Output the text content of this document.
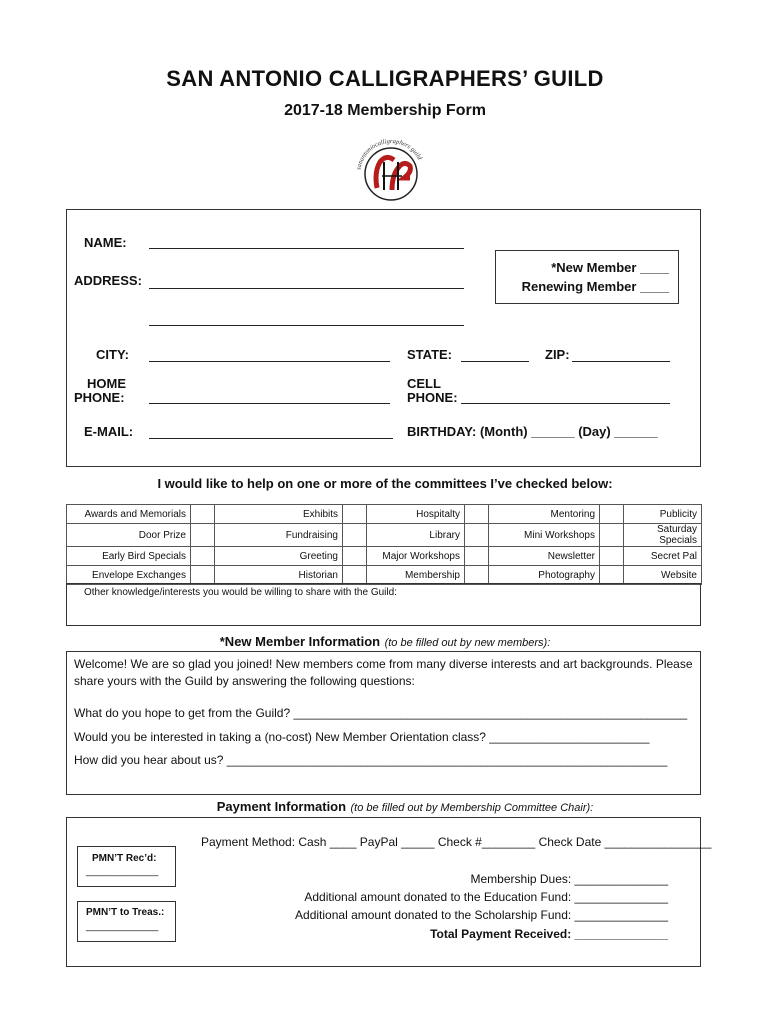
SAN ANTONIO CALLIGRAPHERS’ GUILD
2017-18 Membership Form
sanantoniocalligraphers guild
NAME:
ADDRESS:
*New Member ____
Renewing Member ____
CITY:	STATE:	ZIP:
HOME
PHONE:
CELL
PHONE:
E-MAIL:	BIRTHDAY: (Month) ______ (Day) ______
I would like to help on one or more of the committees I’ve checked below:
Awards and Memorials		Exhibits		Hospitalty		Mentoring		Publicity
Door Prize		Fundraising		Library		Mini Workshops		Saturday Specials
Early Bird Specials		Greeting		Major Workshops		Newsletter		Secret Pal
Envelope Exchanges		Historian		Membership		Photography		Website
Other knowledge/interests you would be willing to share with the Guild:
*New Member Information (to be filled out by new members):
Welcome! We are so glad you joined! New members come from many diverse interests and art backgrounds. Please share yours with the Guild by answering the following questions:
What do you hope to get from the Guild? ___________________________________________________________
Would you be interested in taking a (no-cost) New Member Orientation class? ________________________
How did you hear about us? __________________________________________________________________
Payment Information (to be filled out by Membership Committee Chair):
Payment Method: Cash ____ PayPal _____ Check #________ Check Date ________________
PMN’T Rec’d:
_____________
PMN’T to Treas.:
_____________
Membership Dues: ______________
Additional amount donated to the Education Fund: ______________
Additional amount donated to the Scholarship Fund: ______________
Total Payment Received: ______________
